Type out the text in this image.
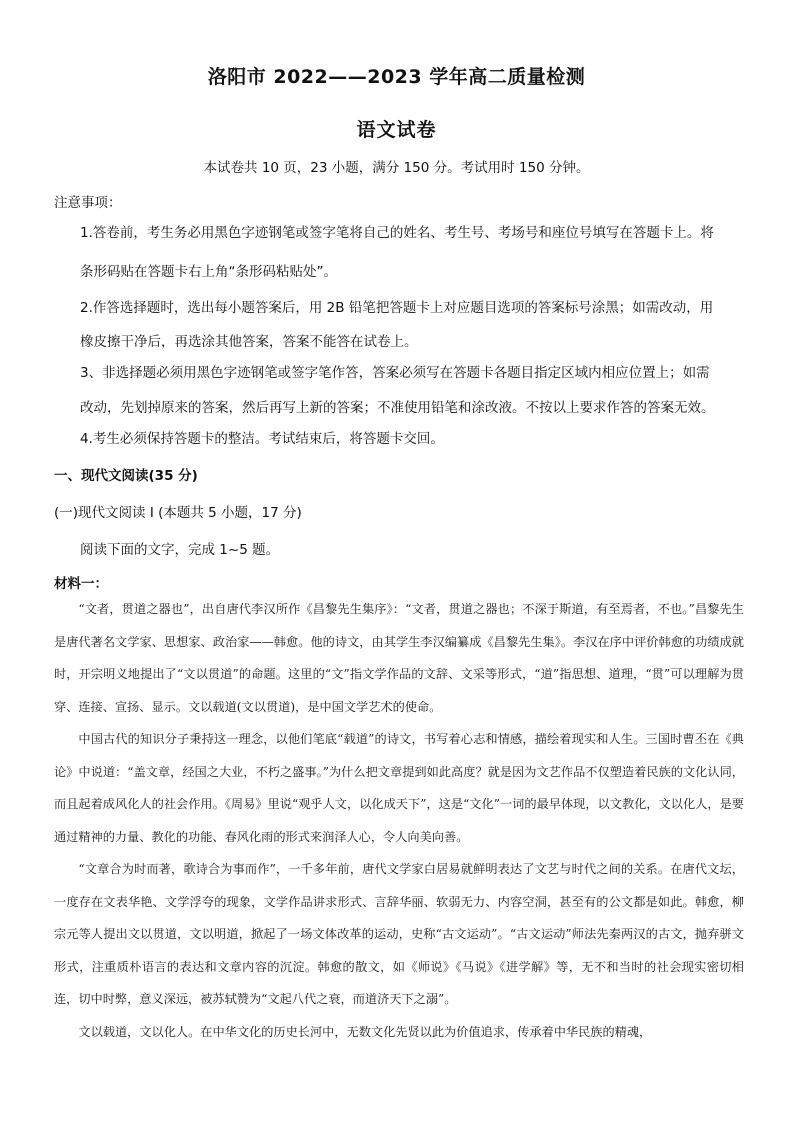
洛阳市 2022——2023 学年高二质量检测
语文试卷
本试卷共 10 页，23 小题，满分 150 分。考试用时 150 分钟。
注意事项：
1.答卷前，考生务必用黑色字迹钢笔或签字笔将自己的姓名、考生号、考场号和座位号填写在答题卡上。将
条形码贴在答题卡右上角“条形码粘贴处”。
2.作答选择题时，选出每小题答案后，用 2B 铅笔把答题卡上对应题目选项的答案标号涂黑；如需改动，用
橡皮擦干净后，再选涂其他答案，答案不能答在试卷上。
3、非选择题必须用黑色字迹钢笔或签字笔作答，答案必须写在答题卡各题目指定区域内相应位置上；如需
改动，先划掉原来的答案，然后再写上新的答案；不准使用铅笔和涂改液。不按以上要求作答的答案无效。
4.考生必须保持答题卡的整洁。考试结束后，将答题卡交回。
一、现代文阅读(35 分)
(一)现代文阅读 I (本题共 5 小题，17 分)
阅读下面的文字，完成 1~5 题。
材料一：

“文者，贯道之器也”，出自唐代李汉所作《昌黎先生集序》：“文者，贯道之器也；不深于斯道，有至焉者，不也。”昌黎先生是唐代著名文学家、思想家、政治家——韩愈。他的诗文，由其学生李汉编纂成《昌黎先生集》。李汉在序中评价韩愈的功绩成就时，开宗明义地提出了“文以贯道”的命题。这里的“文”指文学作品的文辞、文采等形式，“道”指思想、道理，“贯”可以理解为贯穿、连接、宣扬、显示。文以载道(文以贯道)，是中国文学艺术的使命。

中国古代的知识分子秉持这一理念，以他们笔底“载道”的诗文，书写着心志和情感，描绘着现实和人生。三国时曹丕在《典论》中说道：“盖文章，经国之大业，不朽之盛事。”为什么把文章提到如此高度？就是因为文艺作品不仅塑造着民族的文化认同，而且起着成风化人的社会作用。《周易》里说“观乎人文，以化成天下”，这是“文化”一词的最早体现，以文教化，文以化人，是要通过精神的力量、教化的功能、春风化雨的形式来润泽人心，令人向美向善。

“文章合为时而著，歌诗合为事而作”，一千多年前，唐代文学家白居易就鲜明表达了文艺与时代之间的关系。在唐代文坛，一度存在文表华艳、文学浮夸的现象，文学作品讲求形式、言辞华丽、软弱无力、内容空洞，甚至有的公文都是如此。韩愈，柳宗元等人提出文以贯道，文以明道，掀起了一场文体改革的运动，史称“古文运动”。“古文运动”师法先秦两汉的古文，抛弃骈文形式，注重质朴语言的表达和文章内容的沉淀。韩愈的散文，如《师说》《马说》《进学解》等，无不和当时的社会现实密切相连，切中时弊，意义深远，被苏轼赞为“文起八代之衰，而道济天下之溺”。

文以载道，文以化人。在中华文化的历史长河中，无数文化先贤以此为价值追求，传承着中华民族的精魂，
